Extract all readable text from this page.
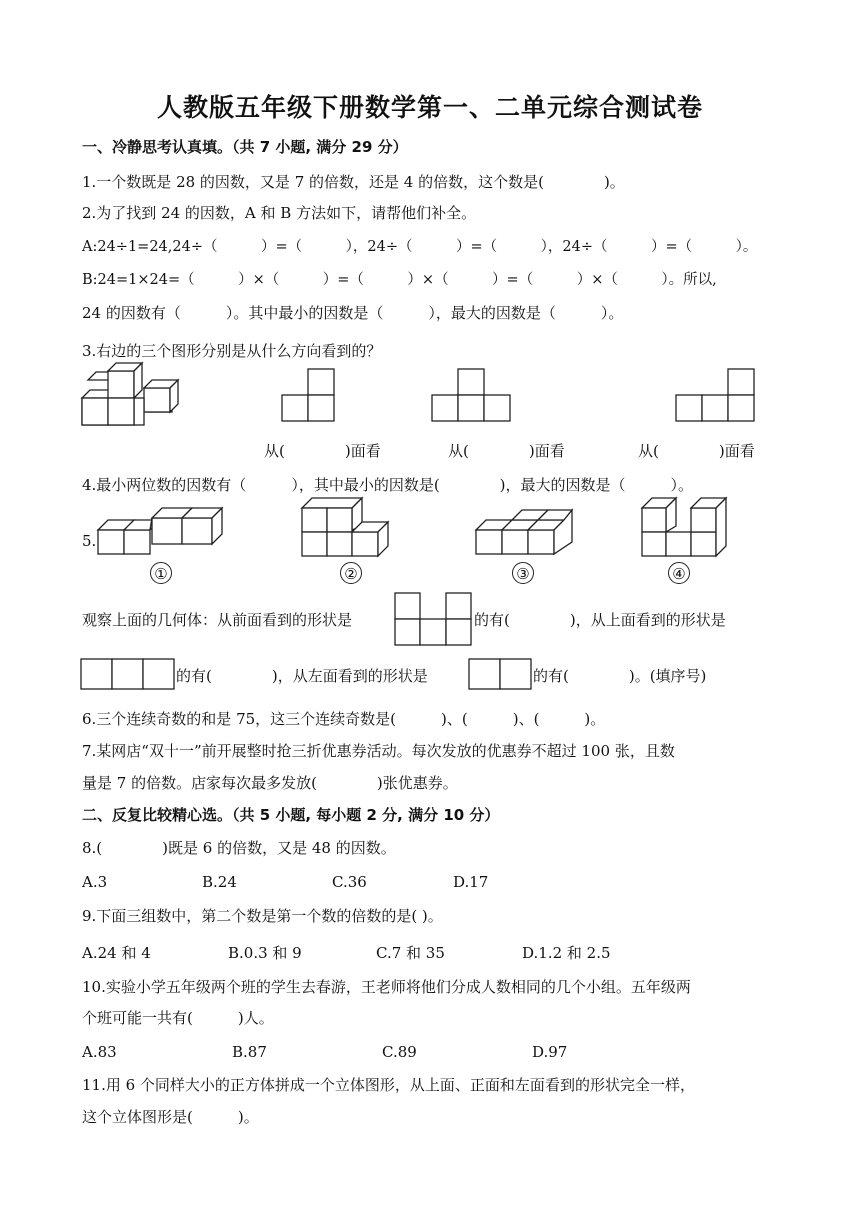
人教版五年级下册数学第一、二单元综合测试卷
一、冷静思考认真填。（共 7 小题, 满分 29 分）
1.一个数既是 28 的因数，又是 7 的倍数，还是 4 的倍数，这个数是(　　　　)。
2.为了找到 24 的因数，A 和 B 方法如下，请帮他们补全。
A:24÷1=24,24÷（　　　）=（　　　），24÷（　　　）=（　　　），24÷（　　　）=（　　　）。
B:24=1×24=（　　　）×（　　　）=（　　　）×（　　　）=（　　　）×（　　　）。所以,
24 的因数有（　　　）。其中最小的因数是（　　　），最大的因数是（　　　）。
3.右边的三个图形分别是从什么方向看到的？
从(　　　　)面看	从(　　　　)面看	从(　　　　)面看
4.最小两位数的因数有（　　　），其中最小的因数是(　　　　)，最大的因数是（　　　）。
5.
①	②	③	④
观察上面的几何体：从前面看到的形状是	的有(　　　　)，从上面看到的形状是
的有(　　　　)，从左面看到的形状是	的有(　　　　)。(填序号)
6.三个连续奇数的和是 75，这三个连续奇数是(　　　)、(　　　)、(　　　)。
7.某网店“双十一”前开展整时抢三折优惠券活动。每次发放的优惠券不超过 100 张，且数
量是 7 的倍数。店家每次最多发放(　　　　)张优惠券。
二、反复比较精心选。（共 5 小题, 每小题 2 分, 满分 10 分）
8.(　　　　)既是 6 的倍数，又是 48 的因数。
A.3	B.24	C.36	D.17
9.下面三组数中，第二个数是第一个数的倍数的是( )。
A.24 和 4	B.0.3 和 9	C.7 和 35	D.1.2 和 2.5
10.实验小学五年级两个班的学生去春游，王老师将他们分成人数相同的几个小组。五年级两
个班可能一共有(　　　)人。
A.83	B.87	C.89	D.97
11.用 6 个同样大小的正方体拼成一个立体图形，从上面、正面和左面看到的形状完全一样，
这个立体图形是(　　　)。
